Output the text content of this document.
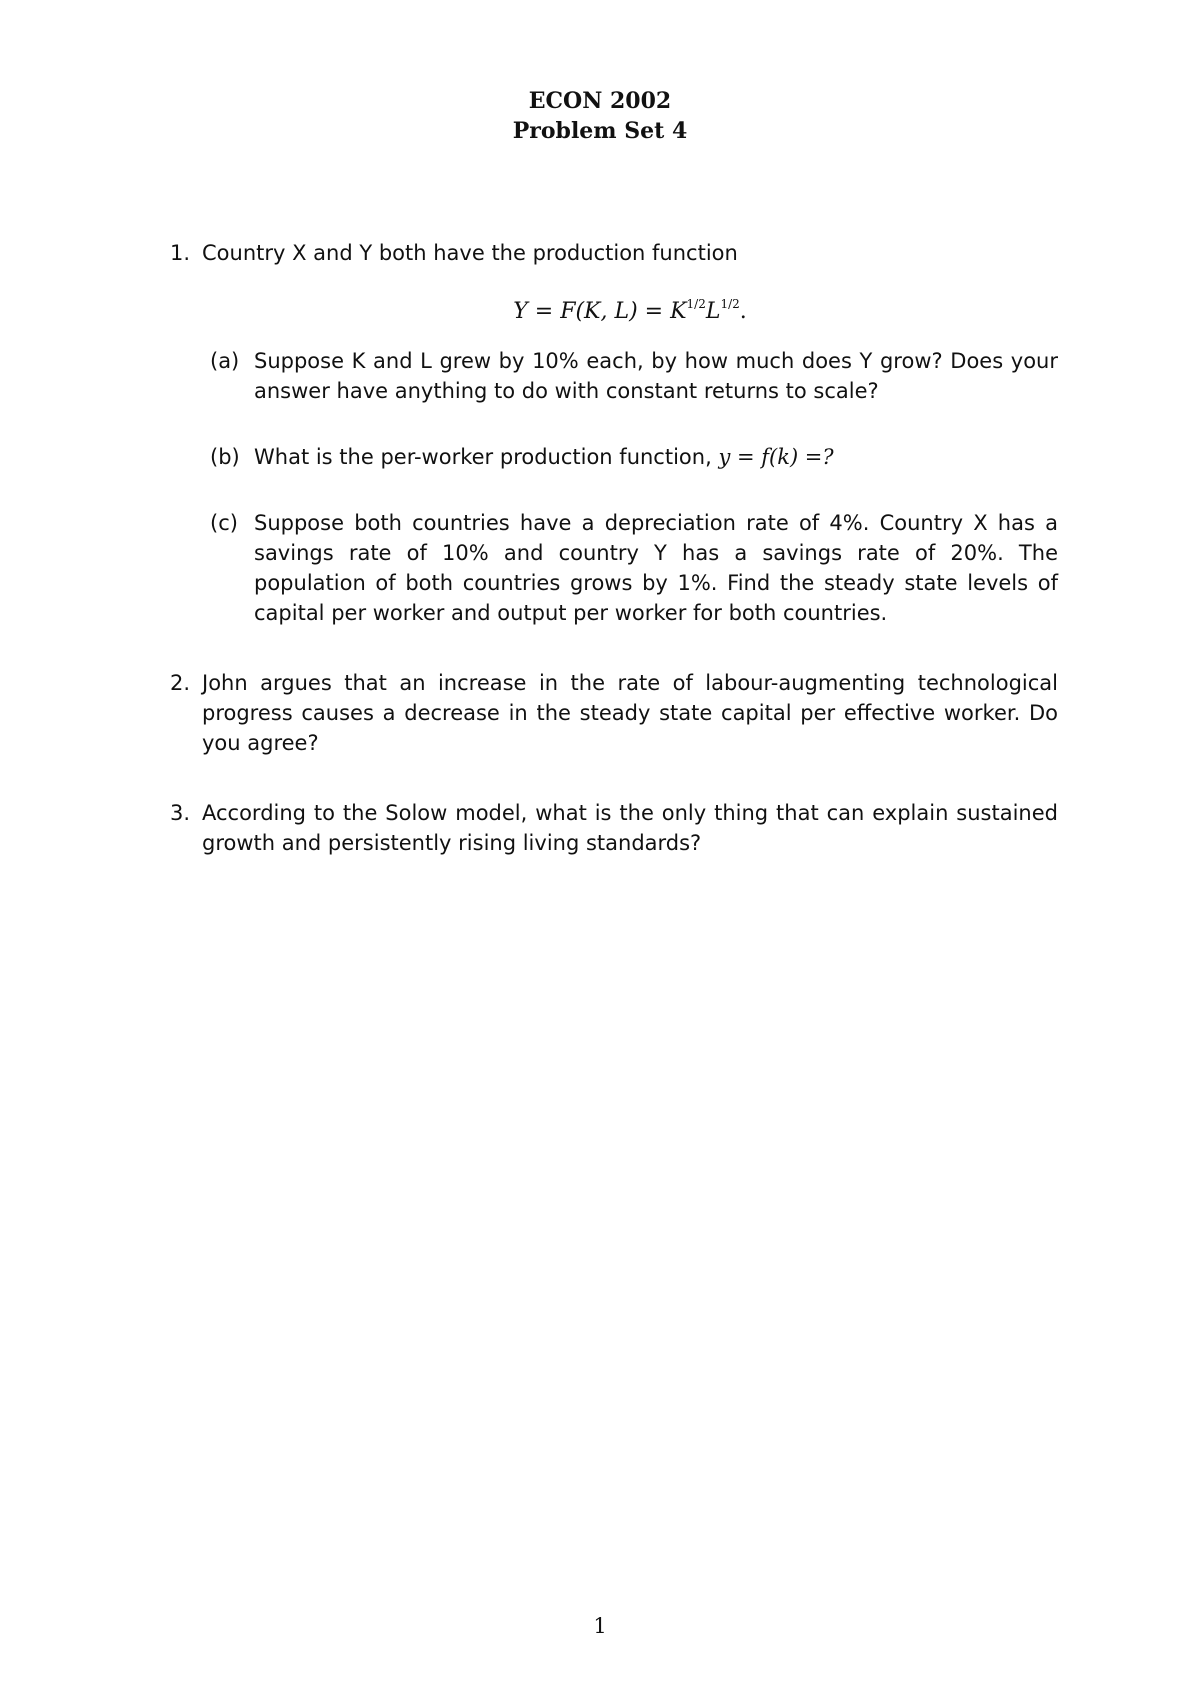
ECON 2002
Problem Set 4
1. Country X and Y both have the production function
Y = F(K, $L) = K^{1/2}L^{1/2}$.
(a) Suppose K and L grew by 10% each, by how much does Y grow? Does your answer have anything to do with constant returns to scale?
(b) What is the per-worker production function, y = f(k) =?
(c) Suppose both countries have a depreciation rate of 4%. Country X has a savings rate of 10% and country Y has a savings rate of 20%. The population of both countries grows by 1%. Find the steady state levels of capital per worker and output per worker for both countries.
2. John argues that an increase in the rate of labour-augmenting technological progress causes a decrease in the steady state capital per effective worker. Do you agree?
3. According to the Solow model, what is the only thing that can explain sustained growth and persistently rising living standards?
1
